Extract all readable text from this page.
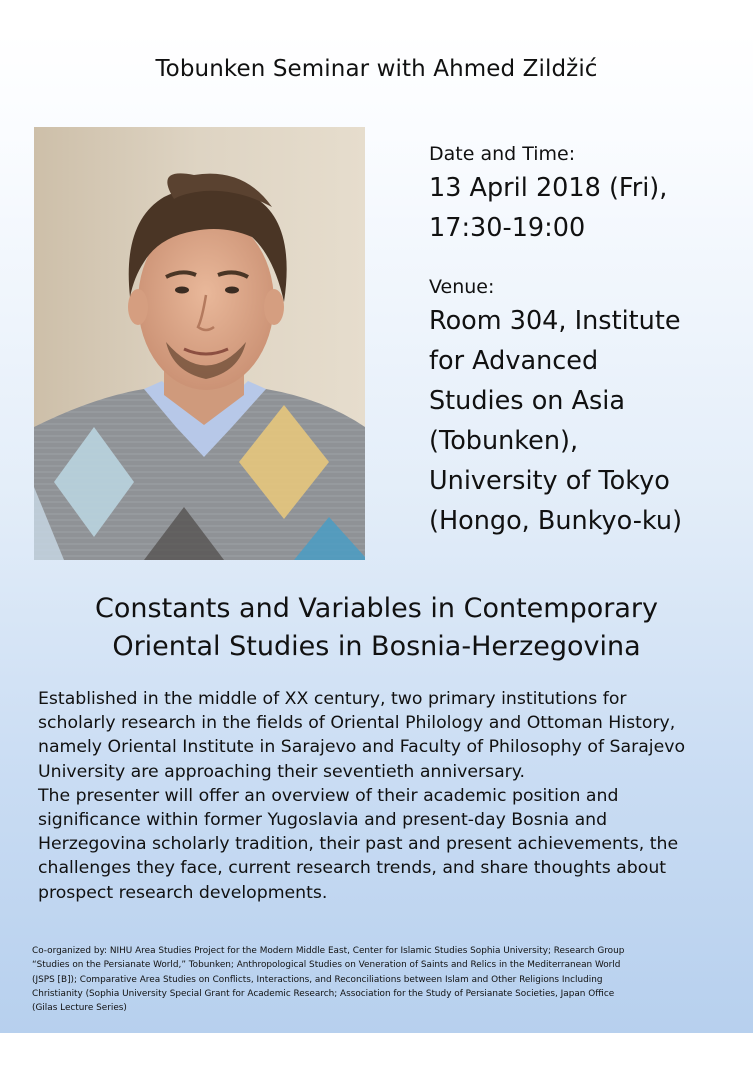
Tobunken Seminar with Ahmed Zildžić
Date and Time:
13 April 2018 (Fri),
17:30-19:00
Venue:
Room 304, Institute
for Advanced
Studies on Asia
(Tobunken),
University of Tokyo
(Hongo, Bunkyo-ku)
Constants and Variables in Contemporary
Oriental Studies in Bosnia-Herzegovina

Established in the middle of XX century, two primary institutions for
scholarly research in the fields of Oriental Philology and Ottoman History,
namely Oriental Institute in Sarajevo and Faculty of Philosophy of Sarajevo
University are approaching their seventieth anniversary.

The presenter will offer an overview of their academic position and
significance within former Yugoslavia and present-day Bosnia and
Herzegovina scholarly tradition, their past and present achievements, the
challenges they face, current research trends, and share thoughts about
prospect research developments.

Co-organized by: NIHU Area Studies Project for the Modern Middle East, Center for Islamic Studies Sophia University; Research Group
“Studies on the Persianate World,” Tobunken; Anthropological Studies on Veneration of Saints and Relics in the Mediterranean World
(JSPS [B]); Comparative Area Studies on Conflicts, Interactions, and Reconciliations between Islam and Other Religions Including
Christianity (Sophia University Special Grant for Academic Research; Association for the Study of Persianate Societies, Japan Office
(Gilas Lecture Series)
